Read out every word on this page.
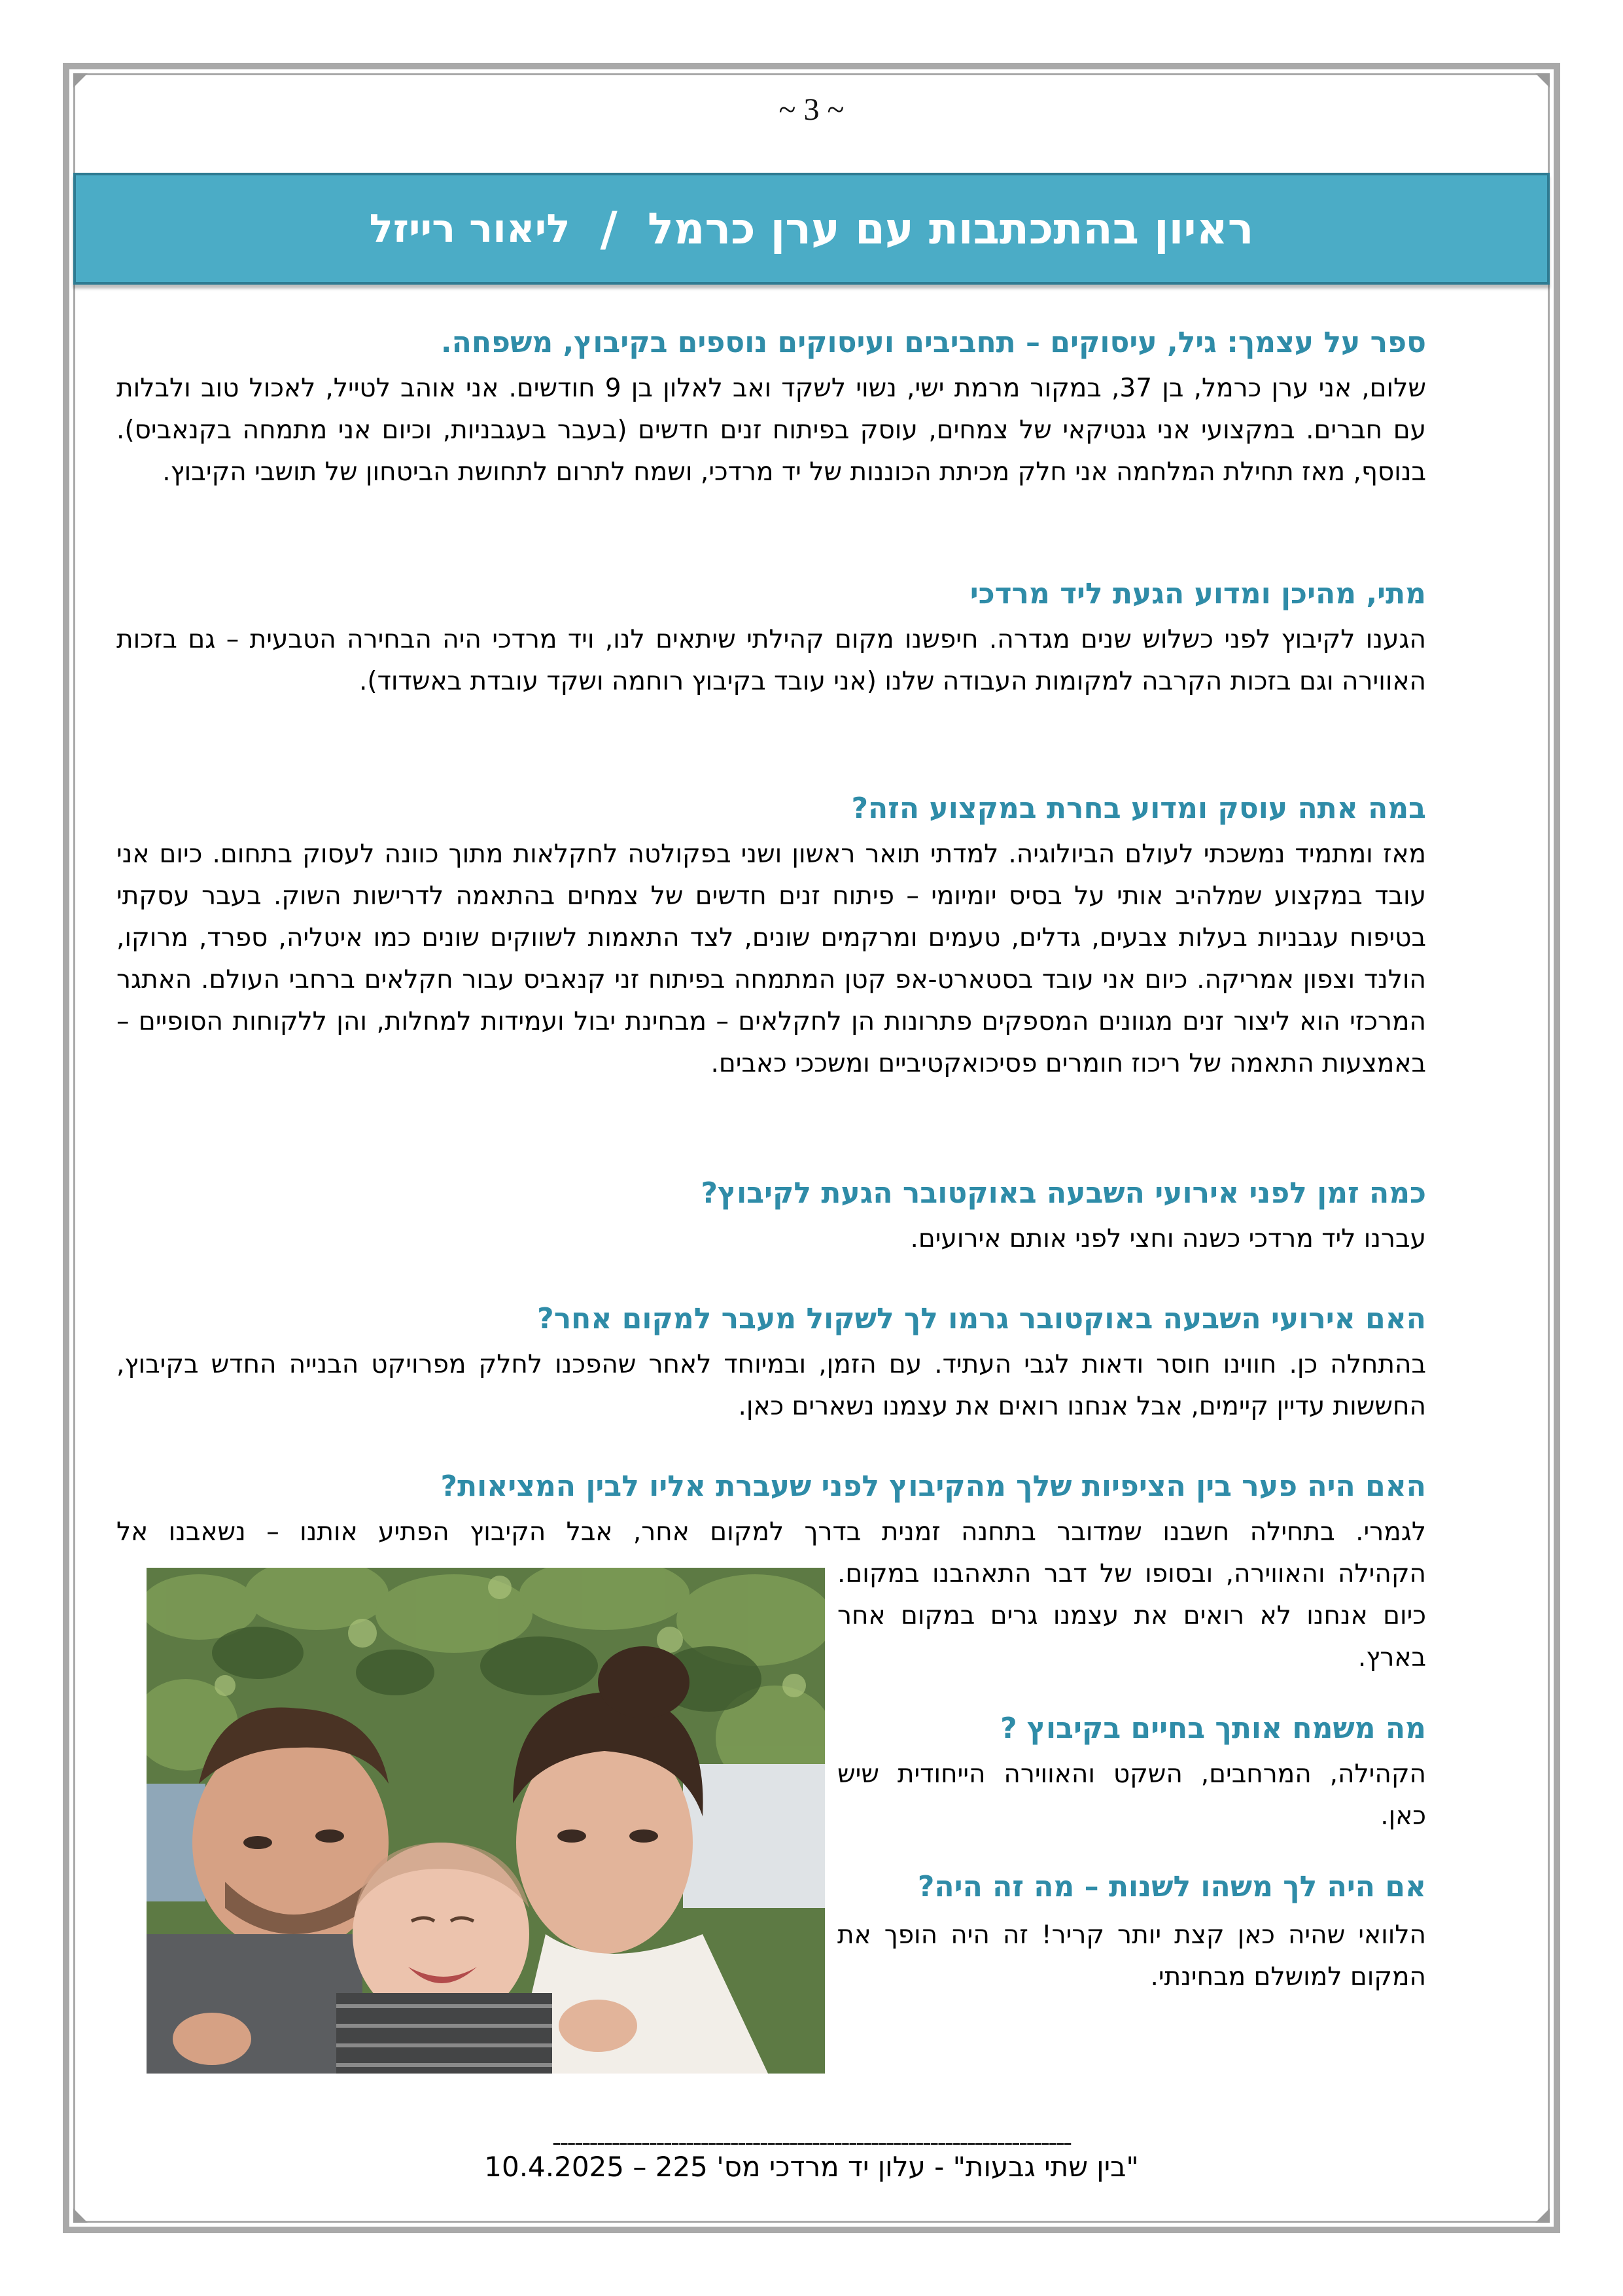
~ 3 ~
ראיון בהתכתבות עם ערן כרמל
/
ליאור רייזל

ספר על עצמך: גיל, עיסוקים – תחביבים ועיסוקים נוספים בקיבוץ, משפחה.

שלום, אני ערן כרמל, בן 37, במקור מרמת ישי, נשוי לשקד ואב לאלון בן 9 חודשים. אני אוהב לטייל, לאכול טוב ולבלות עם חברים. במקצועי אני גנטיקאי של צמחים, עוסק בפיתוח זנים חדשים (בעבר בעגבניות, וכיום אני מתמחה בקנאביס). בנוסף, מאז תחילת המלחמה אני חלק מכיתת הכוננות של יד מרדכי, ושמח לתרום לתחושת הביטחון של תושבי הקיבוץ.

מתי, מהיכן ומדוע הגעת ליד מרדכי

הגענו לקיבוץ לפני כשלוש שנים מגדרה. חיפשנו מקום קהילתי שיתאים לנו, ויד מרדכי היה הבחירה הטבעית – גם בזכות האווירה וגם בזכות הקרבה למקומות העבודה שלנו (אני עובד בקיבוץ רוחמה ושקד עובדת באשדוד).

במה אתה עוסק ומדוע בחרת במקצוע הזה?

מאז ומתמיד נמשכתי לעולם הביולוגיה. למדתי תואר ראשון ושני בפקולטה לחקלאות מתוך כוונה לעסוק בתחום. כיום אני עובד במקצוע שמלהיב אותי על בסיס יומיומי – פיתוח זנים חדשים של צמחים בהתאמה לדרישות השוק. בעבר עסקתי בטיפוח עגבניות בעלות צבעים, גדלים, טעמים ומרקמים שונים, לצד התאמות לשווקים שונים כמו איטליה, ספרד, מרוקו, הולנד וצפון אמריקה. כיום אני עובד בסטארט-אפ קטן המתמחה בפיתוח זני קנאביס עבור חקלאים ברחבי העולם. האתגר המרכזי הוא ליצור זנים מגוונים המספקים פתרונות הן לחקלאים – מבחינת יבול ועמידות למחלות, והן ללקוחות הסופיים – באמצעות התאמה של ריכוז חומרים פסיכואקטיביים ומשככי כאבים.

כמה זמן לפני אירועי השבעה באוקטובר הגעת לקיבוץ?

עברנו ליד מרדכי כשנה וחצי לפני אותם אירועים.

האם אירועי השבעה באוקטובר גרמו לך לשקול מעבר למקום אחר?

בהתחלה כן. חווינו חוסר ודאות לגבי העתיד. עם הזמן, ובמיוחד לאחר שהפכנו לחלק מפרויקט הבנייה החדש בקיבוץ, החששות עדיין קיימים, אבל אנחנו רואים את עצמנו נשארים כאן.

האם היה פער בין הציפיות שלך מהקיבוץ לפני שעברת אליו לבין המציאות?

לגמרי. בתחילה חשבנו שמדובר בתחנה זמנית בדרך למקום אחר, אבל הקיבוץ הפתיע אותנו – נשאבנו אל

הקהילה והאווירה, ובסופו של דבר התאהבנו במקום. כיום אנחנו לא רואים את עצמנו גרים במקום אחר בארץ.

מה משמח אותך בחיים בקיבוץ ?

הקהילה, המרחבים, השקט והאווירה הייחודית שיש כאן.

אם היה לך משהו לשנות – מה זה היה?

הלוואי שהיה כאן קצת יותר קריר! זה היה הופך את המקום למושלם מבחינתי.

----------------------------------------------------------------------
"בין שתי גבעות" - עלון יד מרדכי מס' 225 – 10.4.2025
